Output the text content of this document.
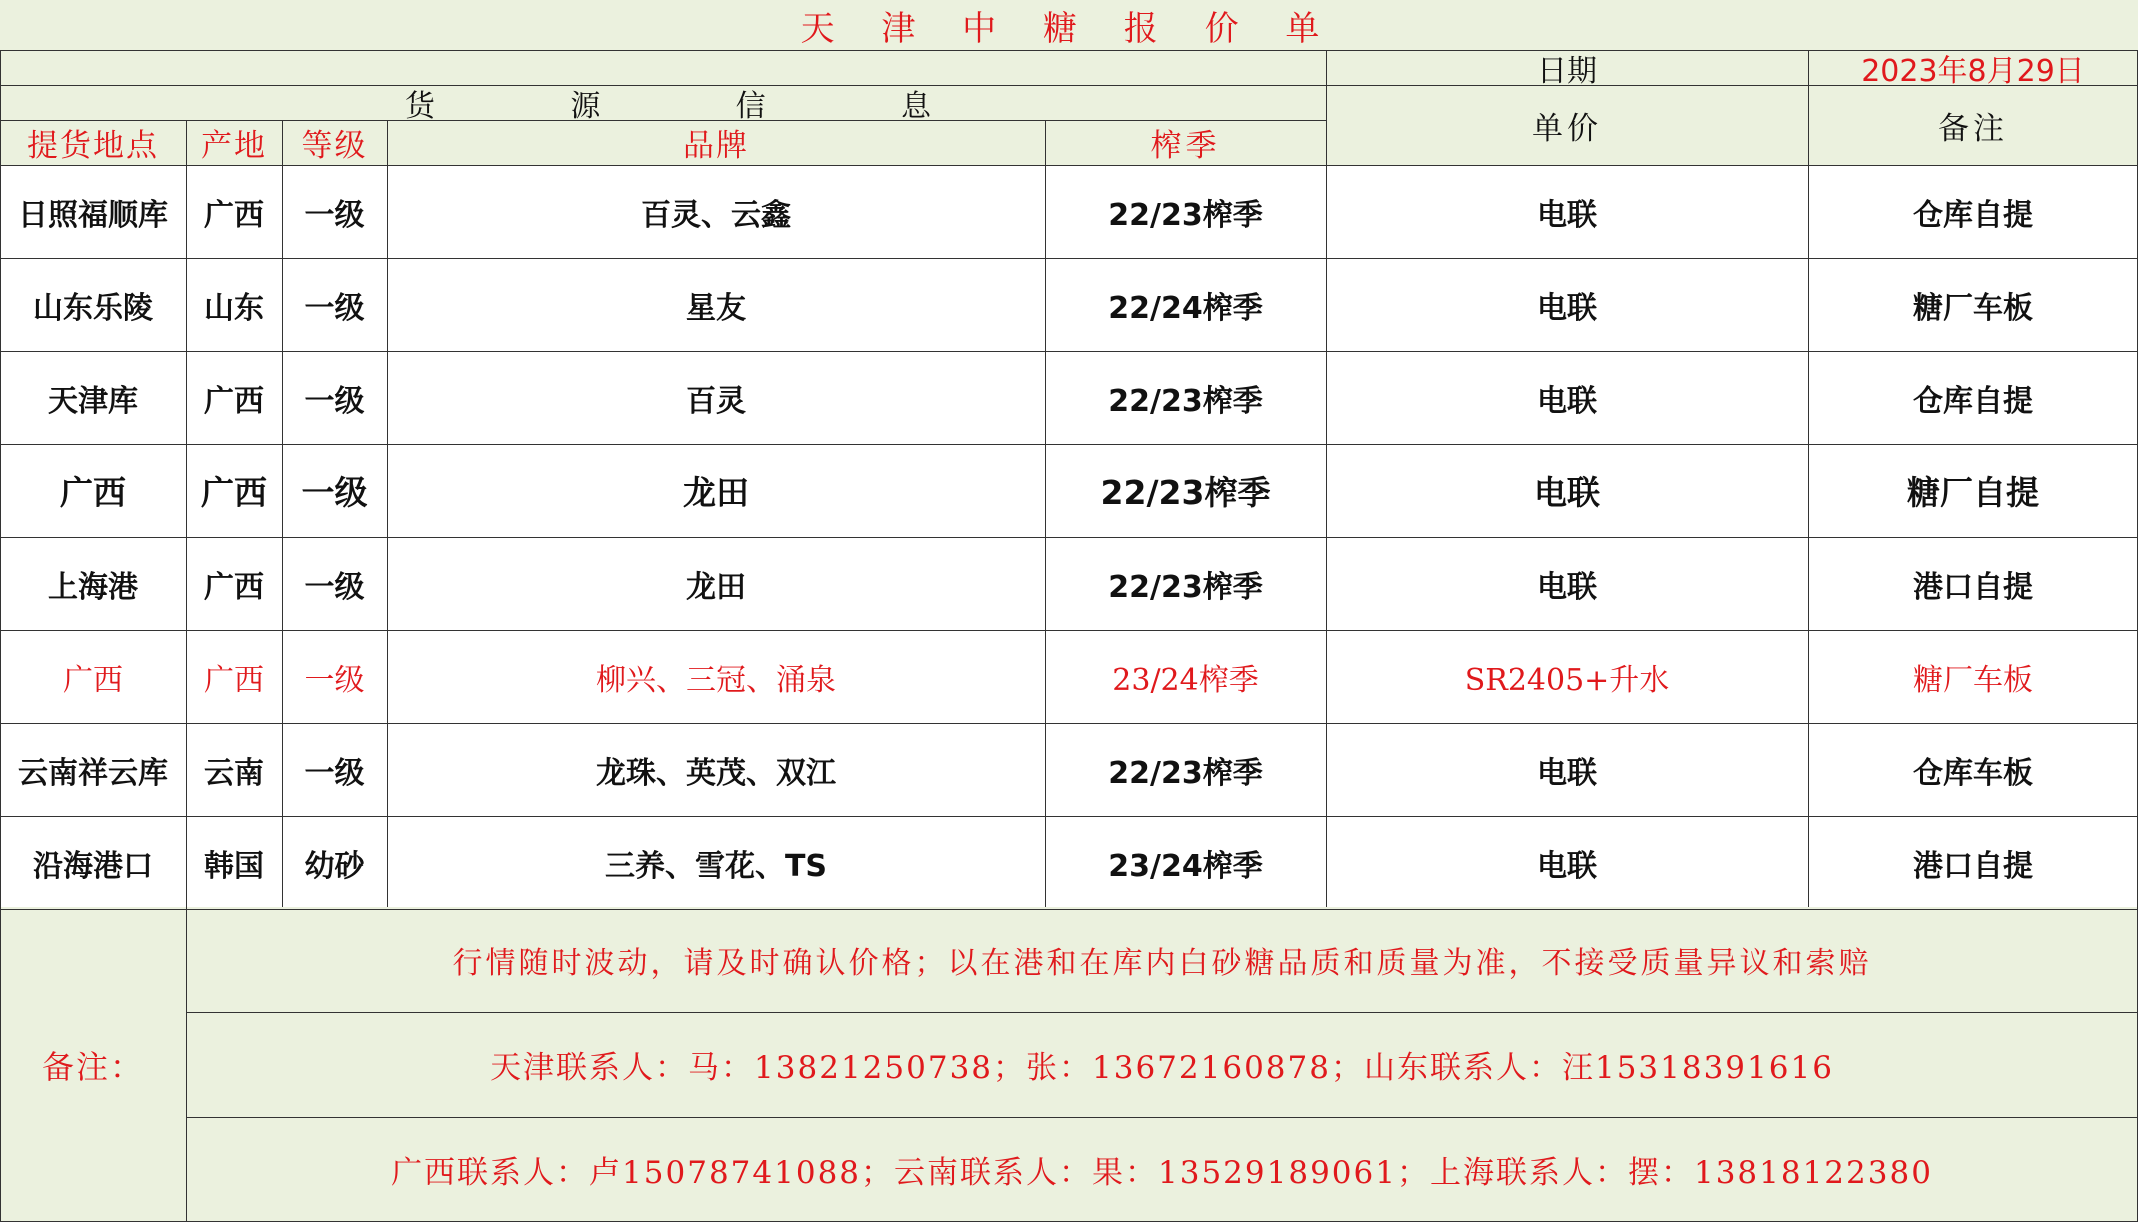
天 津 中 糖 报 价 单
货	源	信	息
日期	2023年8月29日
提货地点	产地	等级	品牌	榨季	单价	备注
日照福顺库	广西	一级	百灵、云鑫	22/23榨季	电联	仓库自提
山东乐陵	山东	一级	星友	22/24榨季	电联	糖厂车板
天津库	广西	一级	百灵	22/23榨季	电联	仓库自提
广西	广西	一级	龙田	22/23榨季	电联	糖厂自提
上海港	广西	一级	龙田	22/23榨季	电联	港口自提
广西	广西	一级	柳兴、三冠、涌泉	23/24榨季	SR2405+升水	糖厂车板
云南祥云库	云南	一级	龙珠、英茂、双江	22/23榨季	电联	仓库车板
沿海港口	韩国	幼砂	三养、雪花、TS	23/24榨季	电联	港口自提
备注：
行情随时波动，请及时确认价格；以在港和在库内白砂糖品质和质量为准，不接受质量异议和索赔
天津联系人：马：13821250738；张：13672160878；山东联系人：汪15318391616
广西联系人：卢15078741088；云南联系人：果：13529189061；上海联系人：摆：13818122380
